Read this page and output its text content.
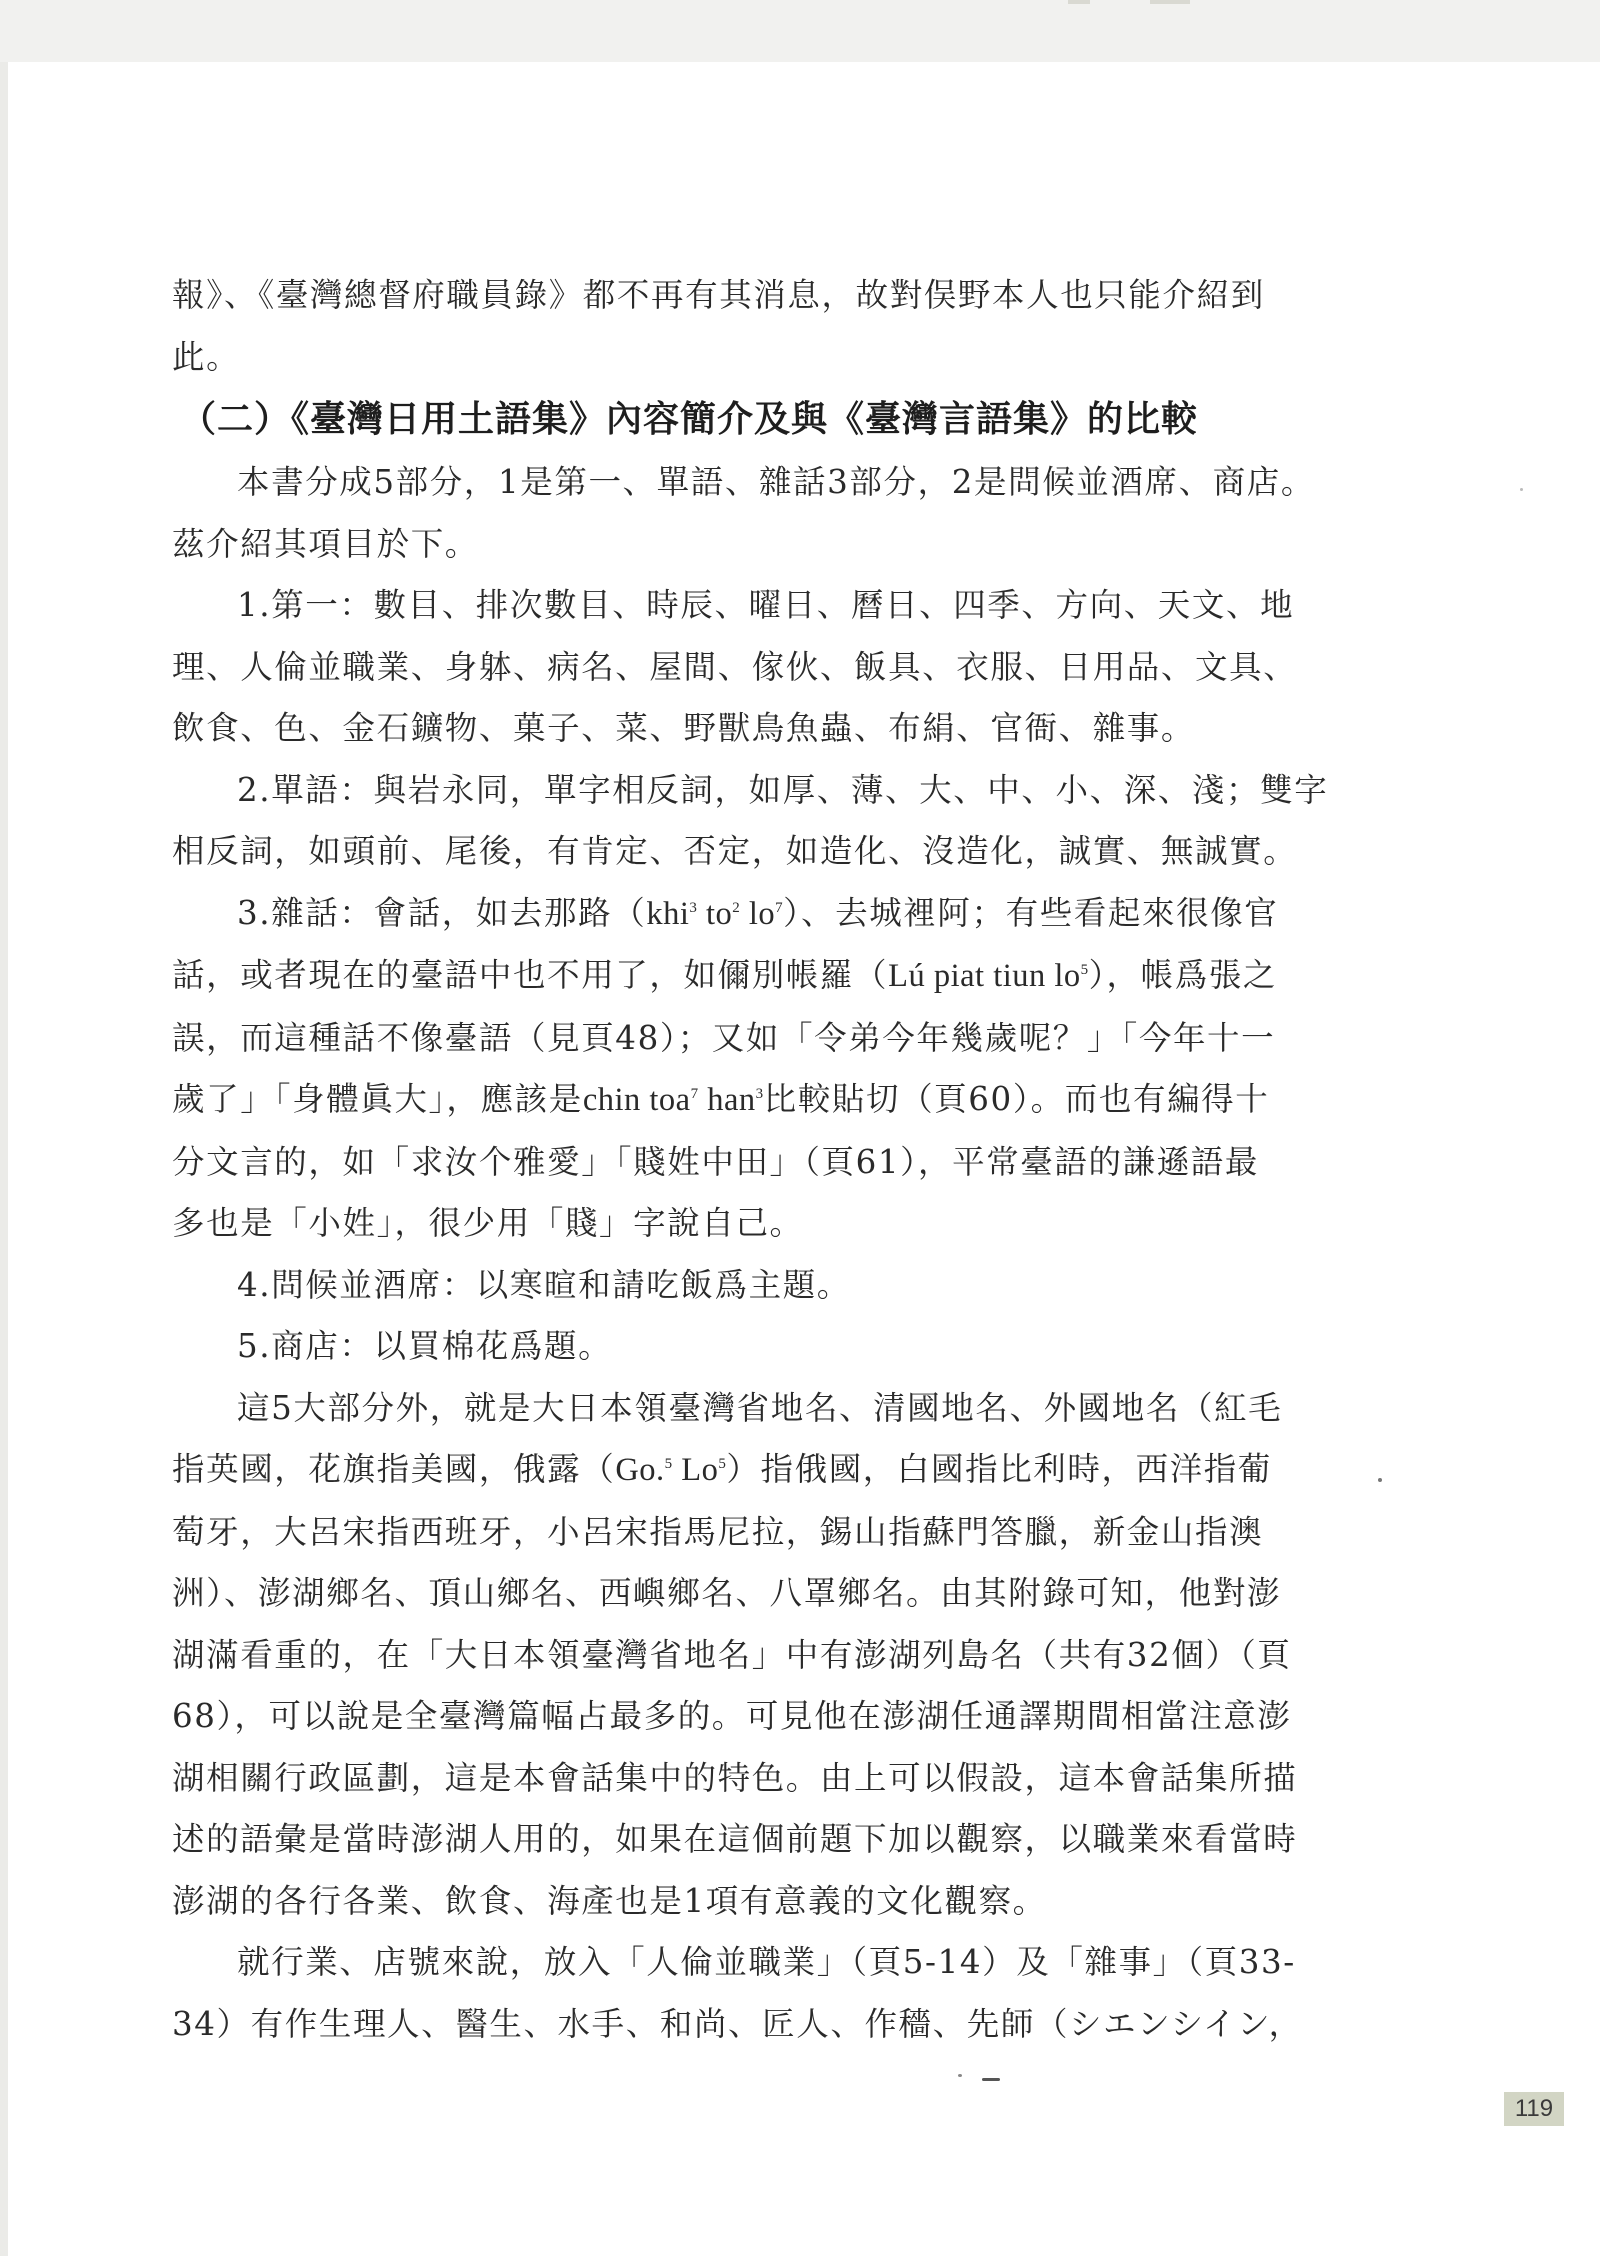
報》、《臺灣總督府職員錄》都不再有其消息，故對俣野本人也只能介紹到
此。

（二）《臺灣日用土語集》內容簡介及與《臺灣言語集》的比較

本書分成5部分，1是第一、單語、雜話3部分，2是問候並酒席、商店。
茲介紹其項目於下。

1.第一：數目、排次數目、時辰、曜日、曆日、四季、方向、天文、地
理、人倫並職業、身躰、病名、屋間、傢伙、飯具、衣服、日用品、文具、
飲食、色、金石鑛物、菓子、菜、野獸鳥魚蟲、布絹、官衙、雜事。

2.單語：與岩永同，單字相反詞，如厚、薄、大、中、小、深、淺；雙字
相反詞，如頭前、尾後，有肯定、否定，如造化、沒造化，誠實、無誠實。

3.雜話：會話，如去那路（khi$^3$ $to^2$ $lo^7$）、去城裡阿；有些看起來很像官
話，或者現在的臺語中也不用了，如儞別帳羅（Lú piat tiun $lo^5$），帳爲張之
誤，而這種話不像臺語（見頁48）；又如「令弟今年幾歲呢？」「今年十一
歲了」「身體眞大」，應該是chin toa$^7$ han$^3$比較貼切（頁60）。而也有編得十
分文言的，如「求汝个雅愛」「賤姓中田」（頁61），平常臺語的謙遜語最
多也是「小姓」，很少用「賤」字說自己。

4.問候並酒席：以寒暄和請吃飯爲主題。

5.商店：以買棉花爲題。

這5大部分外，就是大日本領臺灣省地名、清國地名、外國地名（紅毛
指英國，花旗指美國，俄露（Go.$^5$ Lo$^5$）指俄國，白國指比利時，西洋指葡
萄牙，大呂宋指西班牙，小呂宋指馬尼拉，錫山指蘇門答臘，新金山指澳
洲）、澎湖鄉名、頂山鄉名、西嶼鄉名、八罩鄉名。由其附錄可知，他對澎
湖滿看重的，在「大日本領臺灣省地名」中有澎湖列島名（共有32個）（頁
68），可以說是全臺灣篇幅占最多的。可見他在澎湖任通譯期間相當注意澎
湖相關行政區劃，這是本會話集中的特色。由上可以假設，這本會話集所描
述的語彙是當時澎湖人用的，如果在這個前題下加以觀察，以職業來看當時
澎湖的各行各業、飲食、海產也是1項有意義的文化觀察。

就行業、店號來說，放入「人倫並職業」（頁5-14）及「雜事」（頁33-
34）有作生理人、醫生、水手、和尚、匠人、作穡、先師（シエンシイン，

119
